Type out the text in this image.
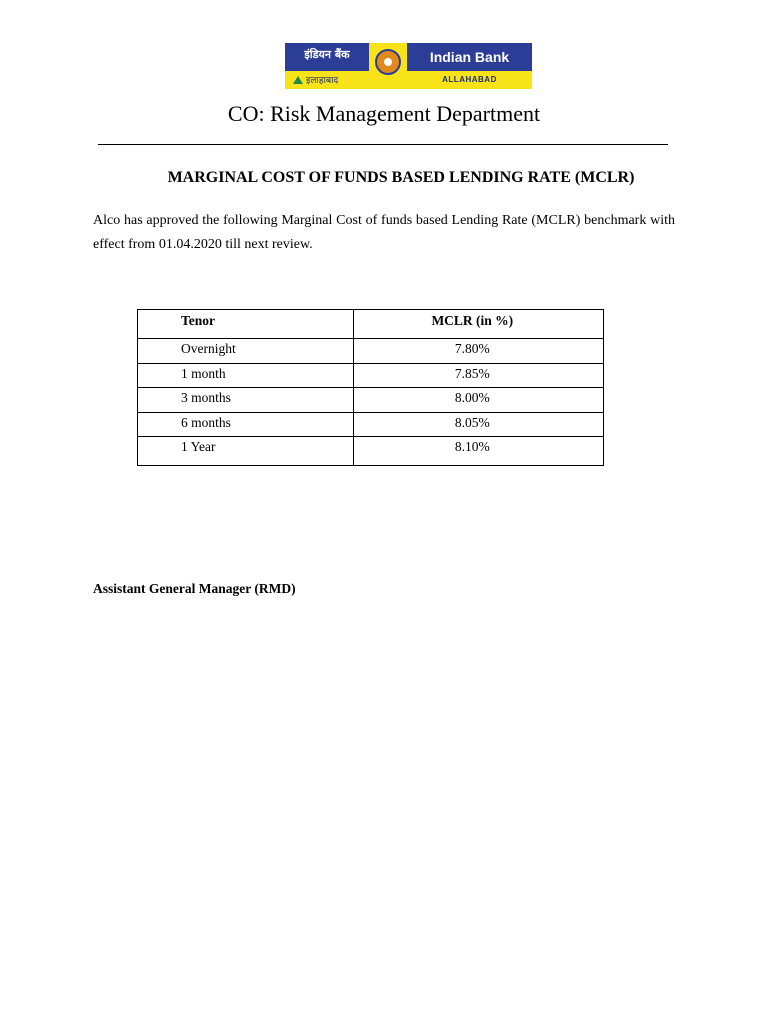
इंडियन बैंक
इलाहाबाद
Indian Bank
ALLAHABAD
CO: Risk Management Department
MARGINAL COST OF FUNDS BASED LENDING RATE (MCLR)

Alco has approved the following Marginal Cost of funds based Lending Rate (MCLR) benchmark with effect from 01.04.2020 till next review.

Tenor	MCLR (in %)
Overnight	7.80%
1 month	7.85%
3 months	8.00%
6 months	8.05%
1 Year	8.10%
Assistant General Manager (RMD)
